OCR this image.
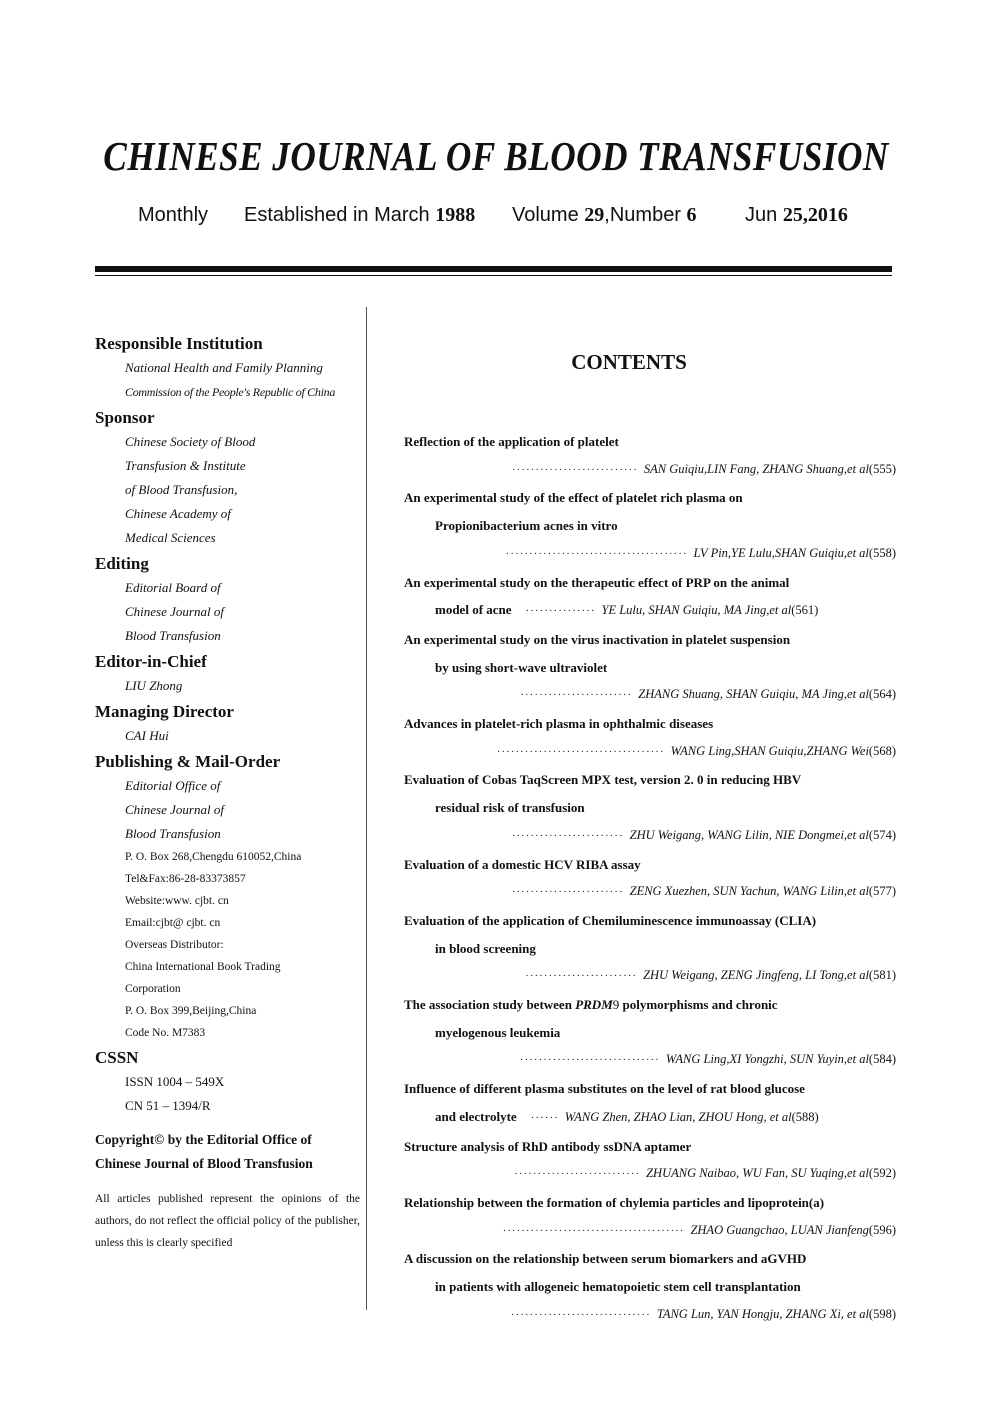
CHINESE JOURNAL OF BLOOD TRANSFUSION
Monthly Established in March 1988 Volume 29,Number 6 Jun 25,2016
Responsible Institution
National Health and Family Planning
Commission of the People's Republic of China
Sponsor
Chinese Society of Blood
Transfusion & Institute
of Blood Transfusion,
Chinese Academy of
Medical Sciences
Editing
Editorial Board of
Chinese Journal of
Blood Transfusion
Editor-in-Chief
LIU Zhong
Managing Director
CAI Hui
Publishing & Mail-Order
Editorial Office of
Chinese Journal of
Blood Transfusion
P. O. Box 268,Chengdu 610052,China
Tel&Fax:86-28-83373857
Website:www. cjbt. cn
Email:cjbt@ cjbt. cn
Overseas Distributor:
China International Book Trading
Corporation
P. O. Box 399,Beijing,China
Code No. M7383
CSSN
ISSN 1004 – 549X
CN 51 – 1394/R
Copyright© by the Editorial Office of
Chinese Journal of Blood Transfusion
All articles published represent the opinions of the authors, do not reflect the official policy of the publisher, unless this is clearly specified
CONTENTS
Reflection of the application of platelet
··························· SAN Guiqiu,LIN Fang, ZHANG Shuang,et al (555)
An experimental study of the effect of platelet rich plasma on
Propionibacterium acnes in vitro
······································· LV Pin,YE Lulu,SHAN Guiqiu,et al (558)
An experimental study on the therapeutic effect of PRP on the animal
model of acne ··············· YE Lulu, SHAN Guiqiu, MA Jing,et al(561)
An experimental study on the virus inactivation in platelet suspension
by using short-wave ultraviolet
························ ZHANG Shuang, SHAN Guiqiu, MA Jing,et al (564)
Advances in platelet-rich plasma in ophthalmic diseases
···································· WANG Ling,SHAN Guiqiu,ZHANG Wei (568)
Evaluation of Cobas TaqScreen MPX test, version 2. 0 in reducing HBV
residual risk of transfusion
························ ZHU Weigang, WANG Lilin, NIE Dongmei,et al (574)
Evaluation of a domestic HCV RIBA assay
························ ZENG Xuezhen, SUN Yachun, WANG Lilin,et al (577)
Evaluation of the application of Chemiluminescence immunoassay (CLIA)
in blood screening
························ ZHU Weigang, ZENG Jingfeng, LI Tong,et al (581)
The association study between PRDM9 polymorphisms and chronic
myelogenous leukemia
······························ WANG Ling,XI Yongzhi, SUN Yuyin,et al (584)
Influence of different plasma substitutes on the level of rat blood glucose
and electrolyte ······ WANG Zhen, ZHAO Lian, ZHOU Hong, et al(588)
Structure analysis of RhD antibody ssDNA aptamer
··························· ZHUANG Naibao, WU Fan, SU Yuqing,et al (592)
Relationship between the formation of chylemia particles and lipoprotein(a)
······································· ZHAO Guangchao, LUAN Jianfeng (596)
A discussion on the relationship between serum biomarkers and aGVHD
in patients with allogeneic hematopoietic stem cell transplantation
······························ TANG Lun, YAN Hongju, ZHANG Xi, et al (598)
